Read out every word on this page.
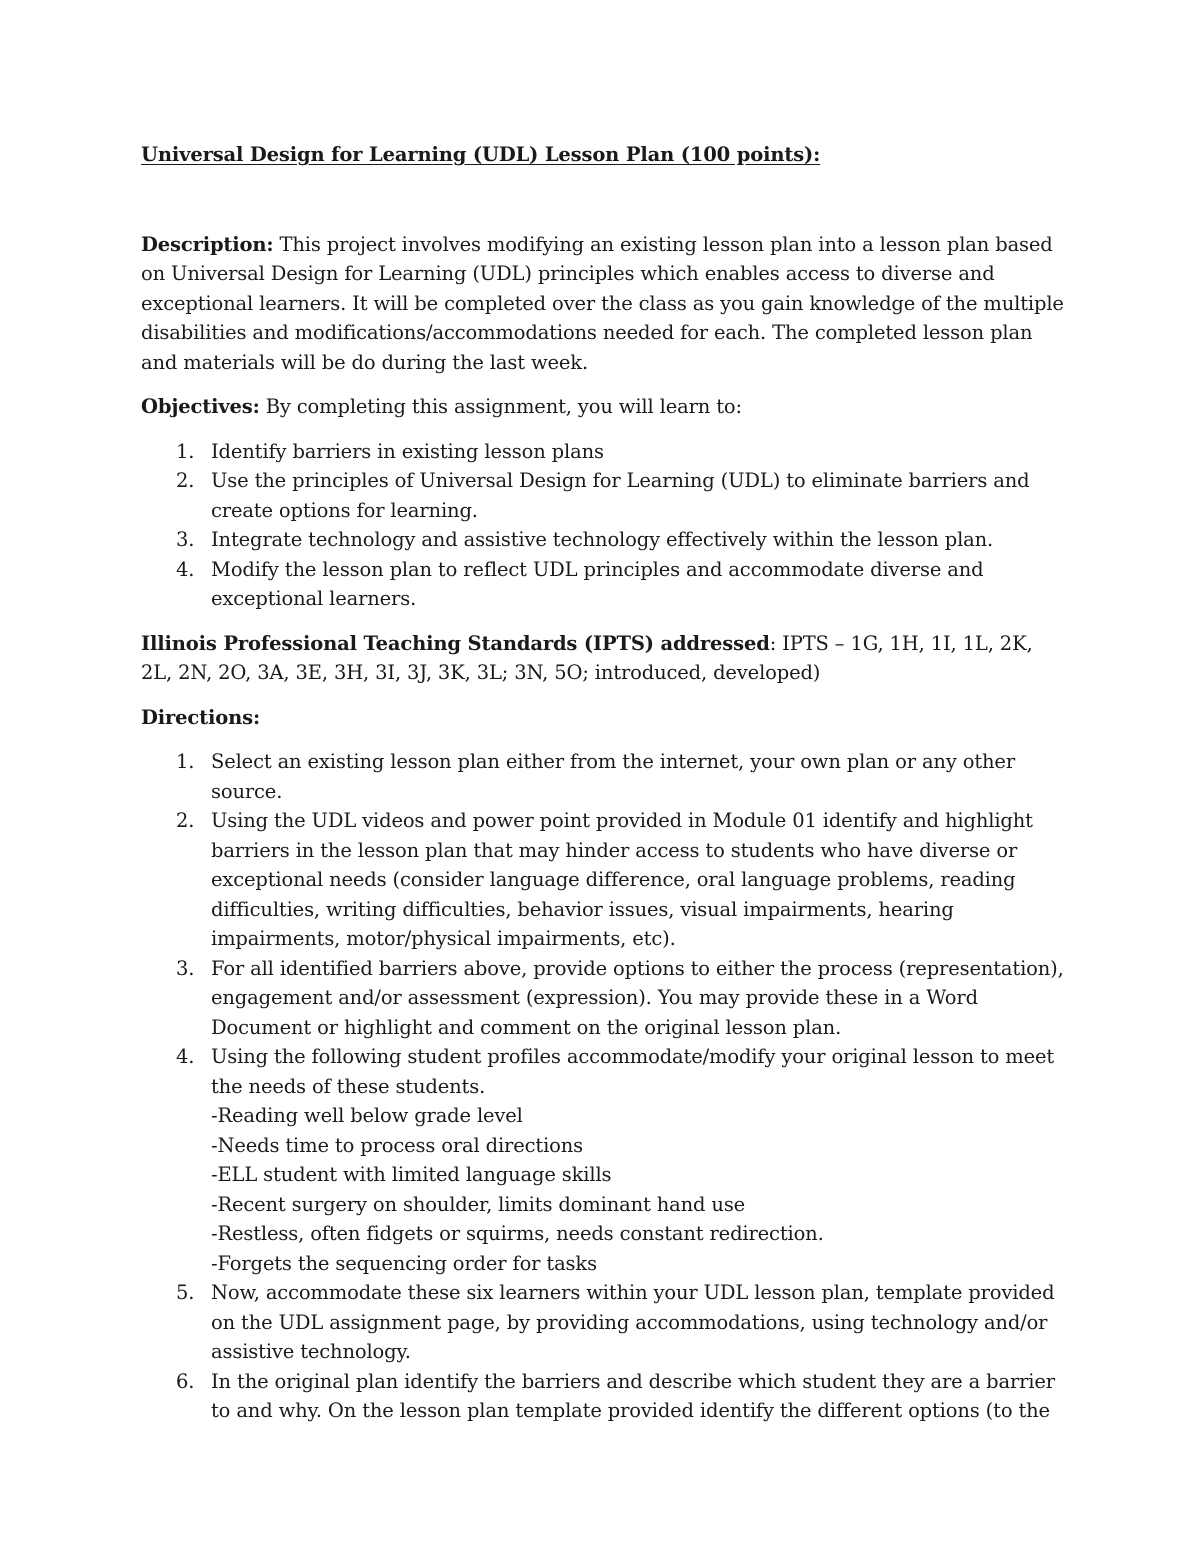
Universal Design for Learning (UDL) Lesson Plan (100 points):

Description: This project involves modifying an existing lesson plan into a lesson plan based on Universal Design for Learning (UDL) principles which enables access to diverse and exceptional learners. It will be completed over the class as you gain knowledge of the multiple disabilities and modifications/accommodations needed for each. The completed lesson plan and materials will be do during the last week.

Objectives: By completing this assignment, you will learn to:

1. Identify barriers in existing lesson plans
2. Use the principles of Universal Design for Learning (UDL) to eliminate barriers and create options for learning.
3. Integrate technology and assistive technology effectively within the lesson plan.
4. Modify the lesson plan to reflect UDL principles and accommodate diverse and exceptional learners.

Illinois Professional Teaching Standards (IPTS) addressed: IPTS – 1G, 1H, 1I, 1L, 2K, 2L, 2N, 2O, 3A, 3E, 3H, 3I, 3J, 3K, 3L; 3N, 5O; introduced, developed)

Directions:

1. Select an existing lesson plan either from the internet, your own plan or any other source.
2. Using the UDL videos and power point provided in Module 01 identify and highlight barriers in the lesson plan that may hinder access to students who have diverse or exceptional needs (consider language difference, oral language problems, reading difficulties, writing difficulties, behavior issues, visual impairments, hearing impairments, motor/physical impairments, etc).
3. For all identified barriers above, provide options to either the process (representation), engagement and/or assessment (expression). You may provide these in a Word Document or highlight and comment on the original lesson plan.
4. Using the following student profiles accommodate/modify your original lesson to meet the needs of these students.
-Reading well below grade level
-Needs time to process oral directions
-ELL student with limited language skills
-Recent surgery on shoulder, limits dominant hand use
-Restless, often fidgets or squirms, needs constant redirection.
-Forgets the sequencing order for tasks
5. Now, accommodate these six learners within your UDL lesson plan, template provided on the UDL assignment page, by providing accommodations, using technology and/or assistive technology.
6. In the original plan identify the barriers and describe which student they are a barrier to and why. On the lesson plan template provided identify the different options (to the
